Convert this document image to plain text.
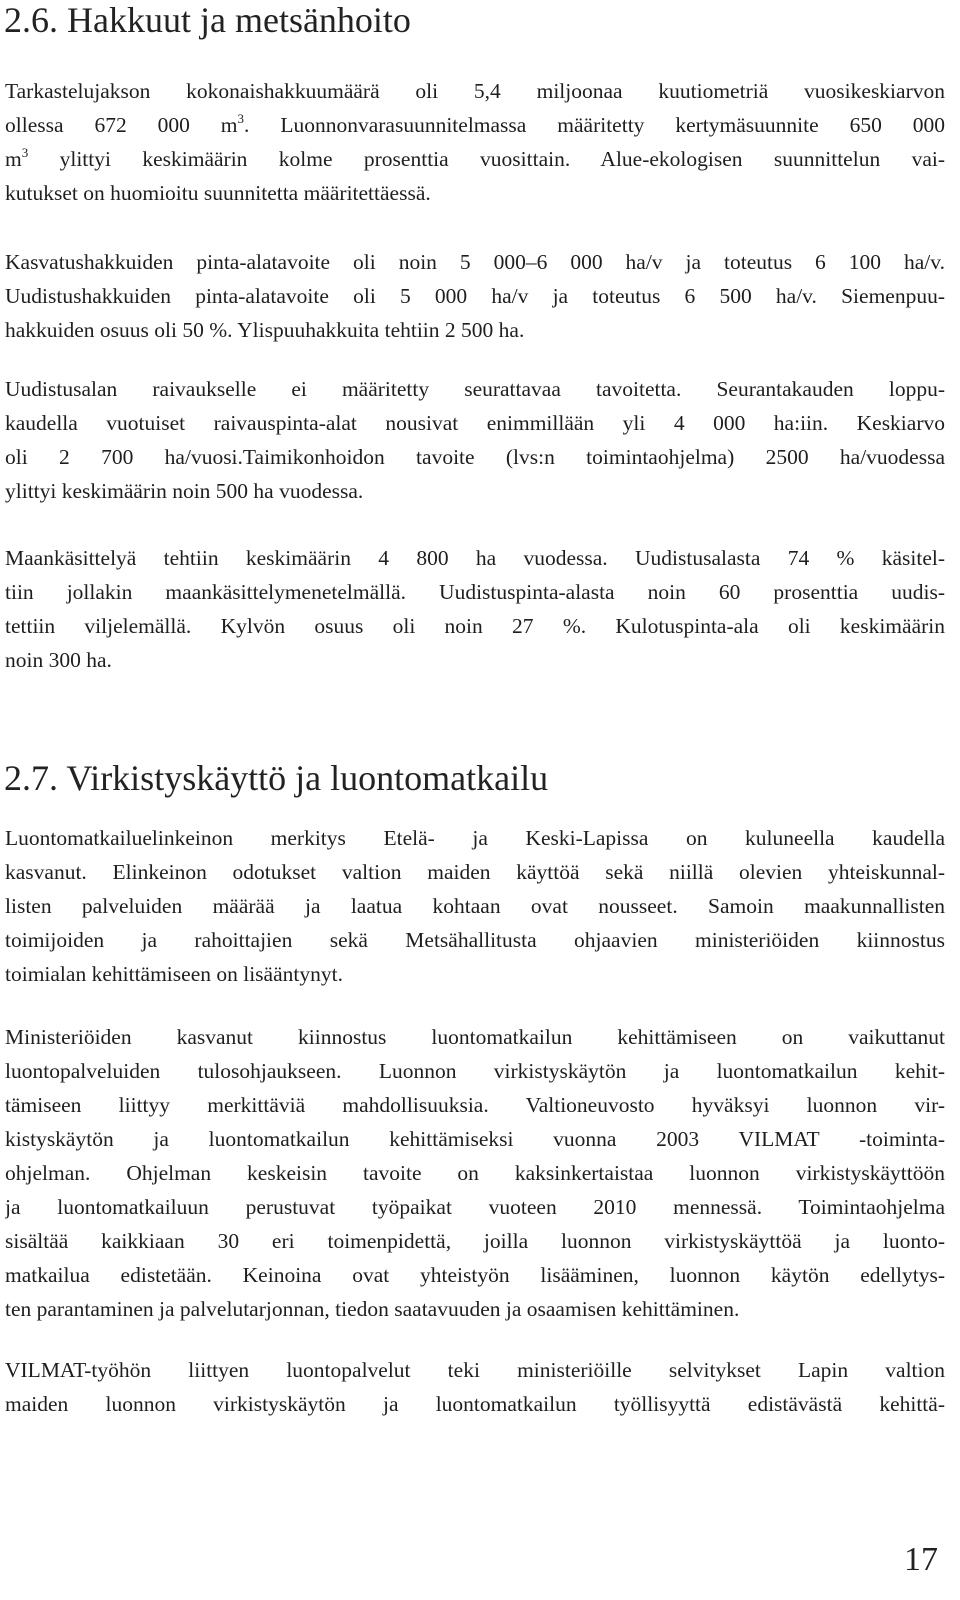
2.6. Hakkuut ja metsänhoito
Tarkastelujakson kokonaishakkuumäärä oli 5,4 miljoonaa kuutiometriä vuosikeskiarvon
ollessa 672 000 $m^3$. Luonnonvarasuunnitelmassa määritetty kertymäsuunnite 650 000
$m^3$ ylittyi keskimäärin kolme prosenttia vuosittain. Alue-ekologisen suunnittelun vai-
kutukset on huomioitu suunnitetta määritettäessä.
Kasvatushakkuiden pinta-alatavoite oli noin 5 000–6 000 ha/v ja toteutus 6 100 ha/v.
Uudistushakkuiden pinta-alatavoite oli 5 000 ha/v ja toteutus 6 500 ha/v. Siemenpuu-
hakkuiden osuus oli 50 %. Ylispuuhakkuita tehtiin 2 500 ha.
Uudistusalan raivaukselle ei määritetty seurattavaa tavoitetta. Seurantakauden loppu-
kaudella vuotuiset raivauspinta-alat nousivat enimmillään yli 4 000 ha:iin. Keskiarvo
oli 2 700 ha/vuosi.Taimikonhoidon tavoite (lvs:n toimintaohjelma) 2500 ha/vuodessa
ylittyi keskimäärin noin 500 ha vuodessa.
Maankäsittelyä tehtiin keskimäärin 4 800 ha vuodessa. Uudistusalasta 74 % käsitel-
tiin jollakin maankäsittelymenetelmällä. Uudistuspinta-alasta noin 60 prosenttia uudis-
tettiin viljelemällä. Kylvön osuus oli noin 27 %. Kulotuspinta-ala oli keskimäärin
noin 300 ha.
2.7. Virkistyskäyttö ja luontomatkailu
Luontomatkailuelinkeinon merkitys Etelä- ja Keski-Lapissa on kuluneella kaudella
kasvanut. Elinkeinon odotukset valtion maiden käyttöä sekä niillä olevien yhteiskunnal-
listen palveluiden määrää ja laatua kohtaan ovat nousseet. Samoin maakunnallisten
toimijoiden ja rahoittajien sekä Metsähallitusta ohjaavien ministeriöiden kiinnostus
toimialan kehittämiseen on lisääntynyt.
Ministeriöiden kasvanut kiinnostus luontomatkailun kehittämiseen on vaikuttanut
luontopalveluiden tulosohjaukseen. Luonnon virkistyskäytön ja luontomatkailun kehit-
tämiseen liittyy merkittäviä mahdollisuuksia. Valtioneuvosto hyväksyi luonnon vir-
kistyskäytön ja luontomatkailun kehittämiseksi vuonna 2003 VILMAT -toiminta-
ohjelman. Ohjelman keskeisin tavoite on kaksinkertaistaa luonnon virkistyskäyttöön
ja luontomatkailuun perustuvat työpaikat vuoteen 2010 mennessä. Toimintaohjelma
sisältää kaikkiaan 30 eri toimenpidettä, joilla luonnon virkistyskäyttöä ja luonto-
matkailua edistetään. Keinoina ovat yhteistyön lisääminen, luonnon käytön edellytys-
ten parantaminen ja palvelutarjonnan, tiedon saatavuuden ja osaamisen kehittäminen.
VILMAT-työhön liittyen luontopalvelut teki ministeriöille selvitykset Lapin valtion
maiden luonnon virkistyskäytön ja luontomatkailun työllisyyttä edistävästä kehittä-
17
